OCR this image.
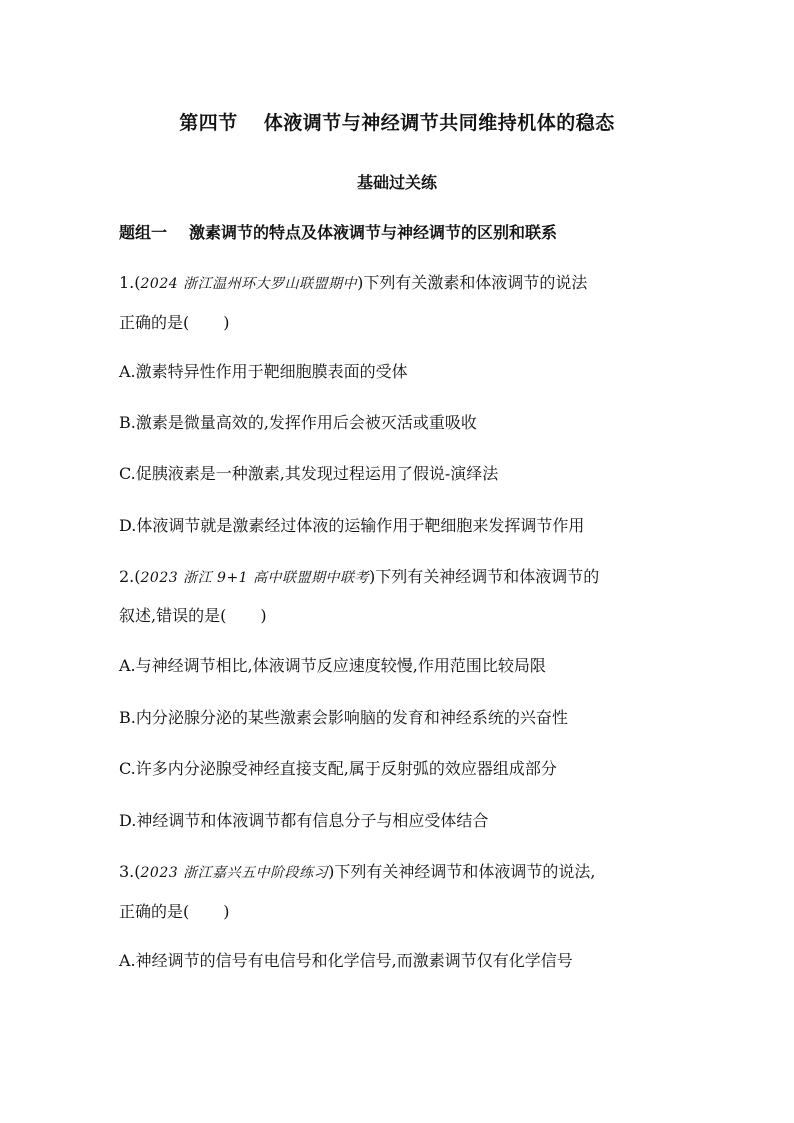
第四节 体液调节与神经调节共同维持机体的稳态
基础过关练
题组一 激素调节的特点及体液调节与神经调节的区别和联系
1.(2024 浙江温州环大罗山联盟期中)下列有关激素和体液调节的说法
正确的是( )
A.激素特异性作用于靶细胞膜表面的受体
B.激素是微量高效的,发挥作用后会被灭活或重吸收
C.促胰液素是一种激素,其发现过程运用了假说-演绎法
D.体液调节就是激素经过体液的运输作用于靶细胞来发挥调节作用
2.(2023 浙江 9+1 高中联盟期中联考)下列有关神经调节和体液调节的
叙述,错误的是( )
A.与神经调节相比,体液调节反应速度较慢,作用范围比较局限
B.内分泌腺分泌的某些激素会影响脑的发育和神经系统的兴奋性
C.许多内分泌腺受神经直接支配,属于反射弧的效应器组成部分
D.神经调节和体液调节都有信息分子与相应受体结合
3.(2023 浙江嘉兴五中阶段练习)下列有关神经调节和体液调节的说法,
正确的是( )
A.神经调节的信号有电信号和化学信号,而激素调节仅有化学信号
